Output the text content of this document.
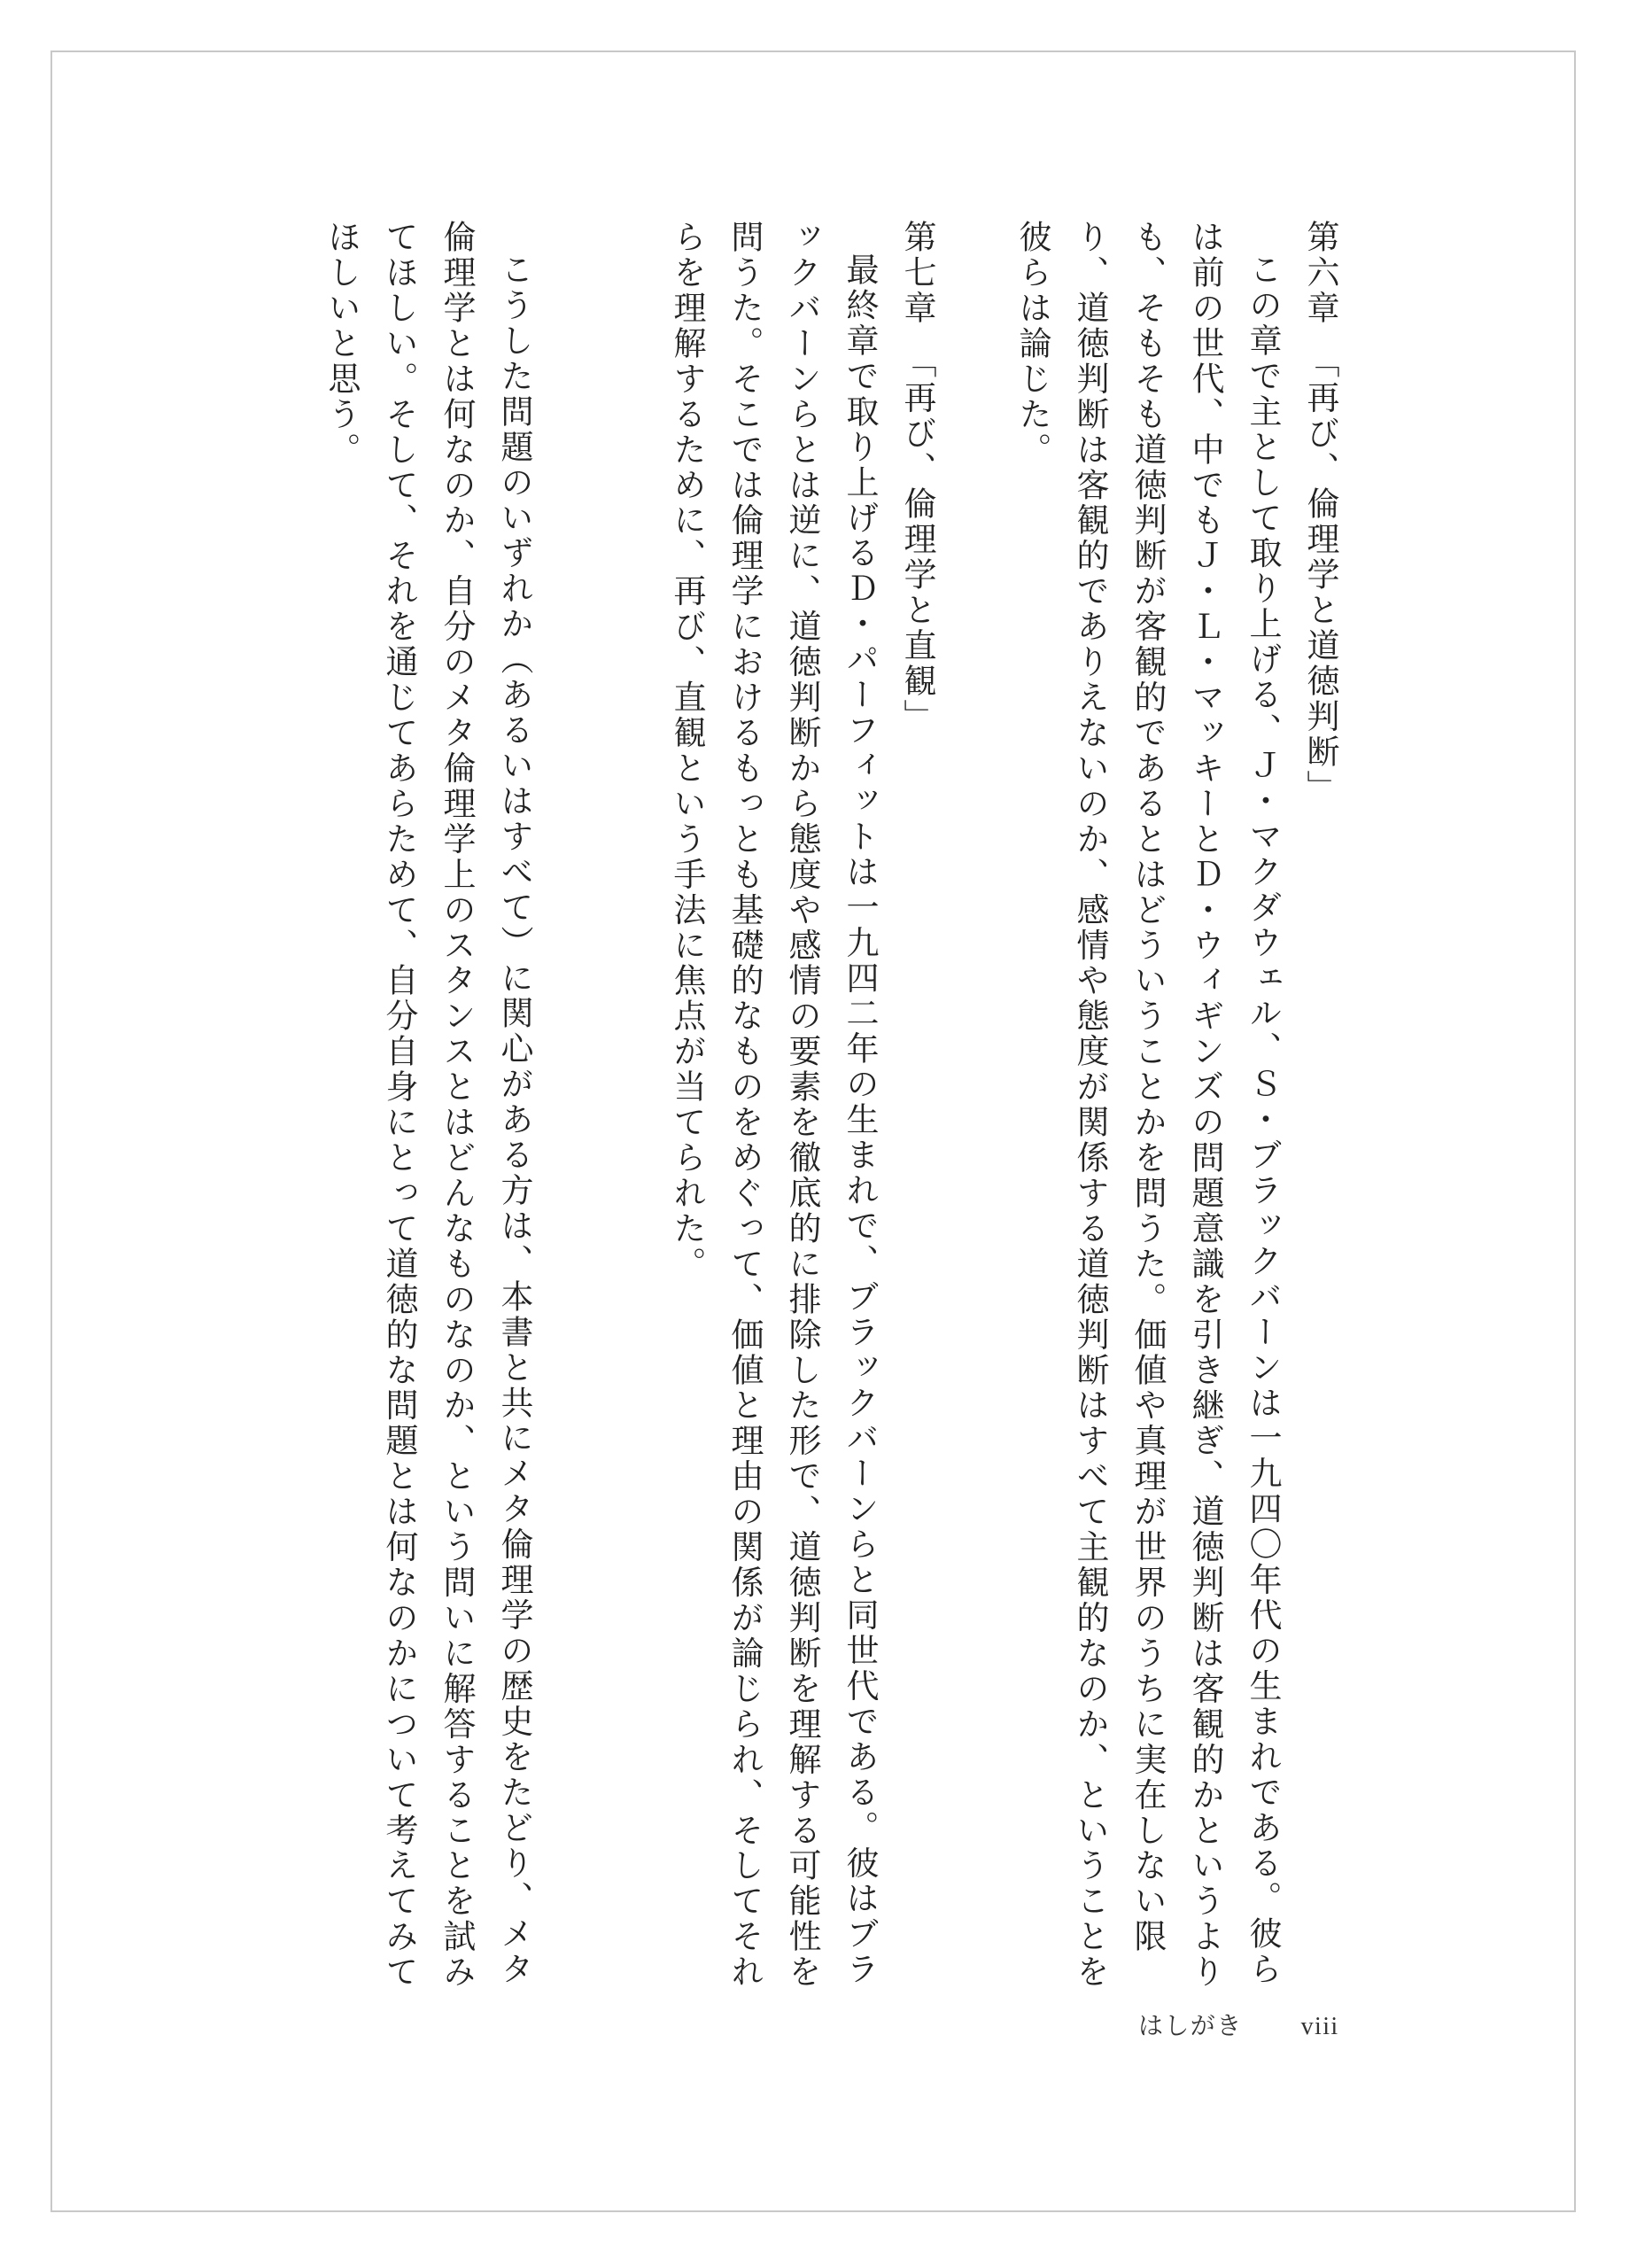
第六章　「再び、倫理学と道徳判断」

この章で主として取り上げる、Ｊ・マクダウェル、Ｓ・ブラックバーンは一九四〇年代の生まれである。彼らは前の世代、中でもＪ・Ｌ・マッキーとＤ・ウィギンズの問題意識を引き継ぎ、道徳判断は客観的かというよりも、そもそも道徳判断が客観的であるとはどういうことかを問うた。価値や真理が世界のうちに実在しない限り、道徳判断は客観的でありえないのか、感情や態度が関係する道徳判断はすべて主観的なのか、ということを彼らは論じた。

第七章　「再び、倫理学と直観」

最終章で取り上げるＤ・パーフィットは一九四二年の生まれで、ブラックバーンらと同世代である。彼はブラックバーンらとは逆に、道徳判断から態度や感情の要素を徹底的に排除した形で、道徳判断を理解する可能性を問うた。そこでは倫理学におけるもっとも基礎的なものをめぐって、価値と理由の関係が論じられ、そしてそれらを理解するために、再び、直観という手法に焦点が当てられた。

こうした問題のいずれか（あるいはすべて）に関心がある方は、本書と共にメタ倫理学の歴史をたどり、メタ倫理学とは何なのか、自分のメタ倫理学上のスタンスとはどんなものなのか、という問いに解答することを試みてほしい。そして、それを通じてあらためて、自分自身にとって道徳的な問題とは何なのかについて考えてみてほしいと思う。

はしがき viii
